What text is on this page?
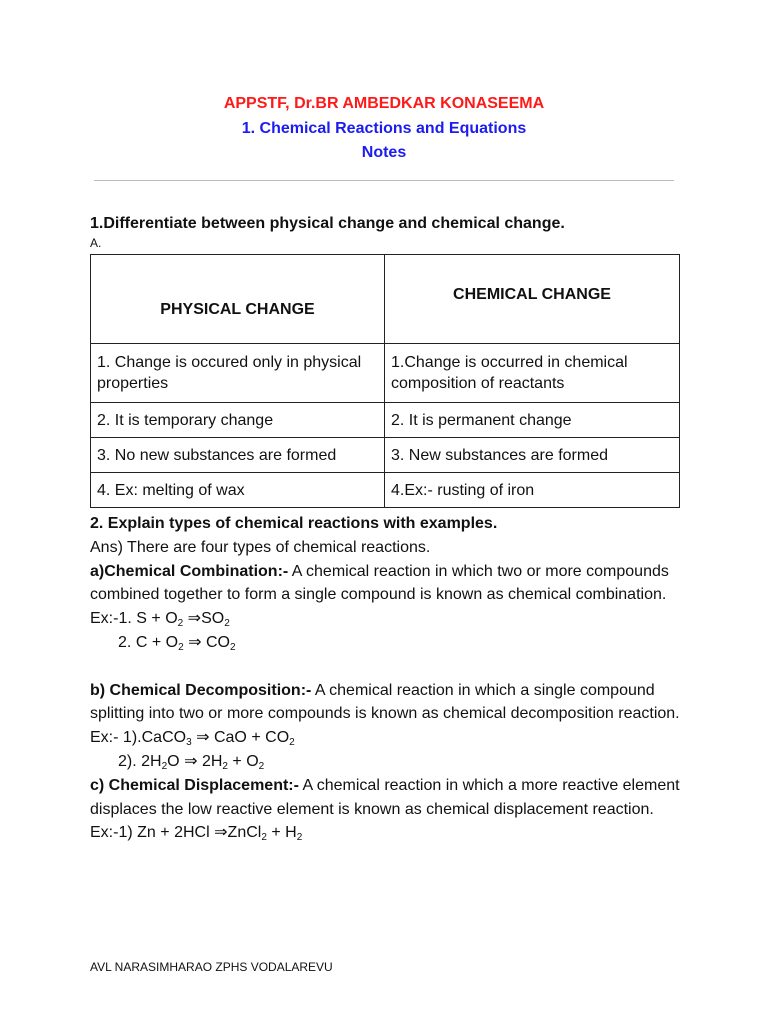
APPSTF, Dr.BR AMBEDKAR KONASEEMA
1. Chemical Reactions and Equations
Notes
1.Differentiate between physical change and chemical change.
A.
PHYSICAL CHANGE	CHEMICAL CHANGE
1. Change is occured only in physical properties	1.Change is occurred in chemical composition of reactants
2. It is temporary change	2. It is permanent change
3. No new substances are formed	3. New substances are formed
4. Ex: melting of wax	4.Ex:- rusting of iron

2. Explain types of chemical reactions with examples.

Ans) There are four types of chemical reactions.

a)Chemical Combination:- A chemical reaction in which two or more compounds combined together to form a single compound is known as chemical combination.

Ex:-1. $S + O_2$ $\Rightarrow SO_2$

2. $C + O_2$ ⇒ $CO_2$

b) Chemical Decomposition:- A chemical reaction in which a single compound splitting into two or more compounds is known as chemical decomposition reaction.

Ex:- 1).CaCO$_3$ ⇒ CaO + $CO_2$

2). $2H_2O$ ⇒ $2H_2 + O_2$

c) Chemical Displacement:- A chemical reaction in which a more reactive element displaces the low reactive element is known as chemical displacement reaction.

Ex:-1) Zn + 2HCl ⇒ZnCl$_2$ + $H_2$

AVL NARASIMHARAO ZPHS VODALAREVU
